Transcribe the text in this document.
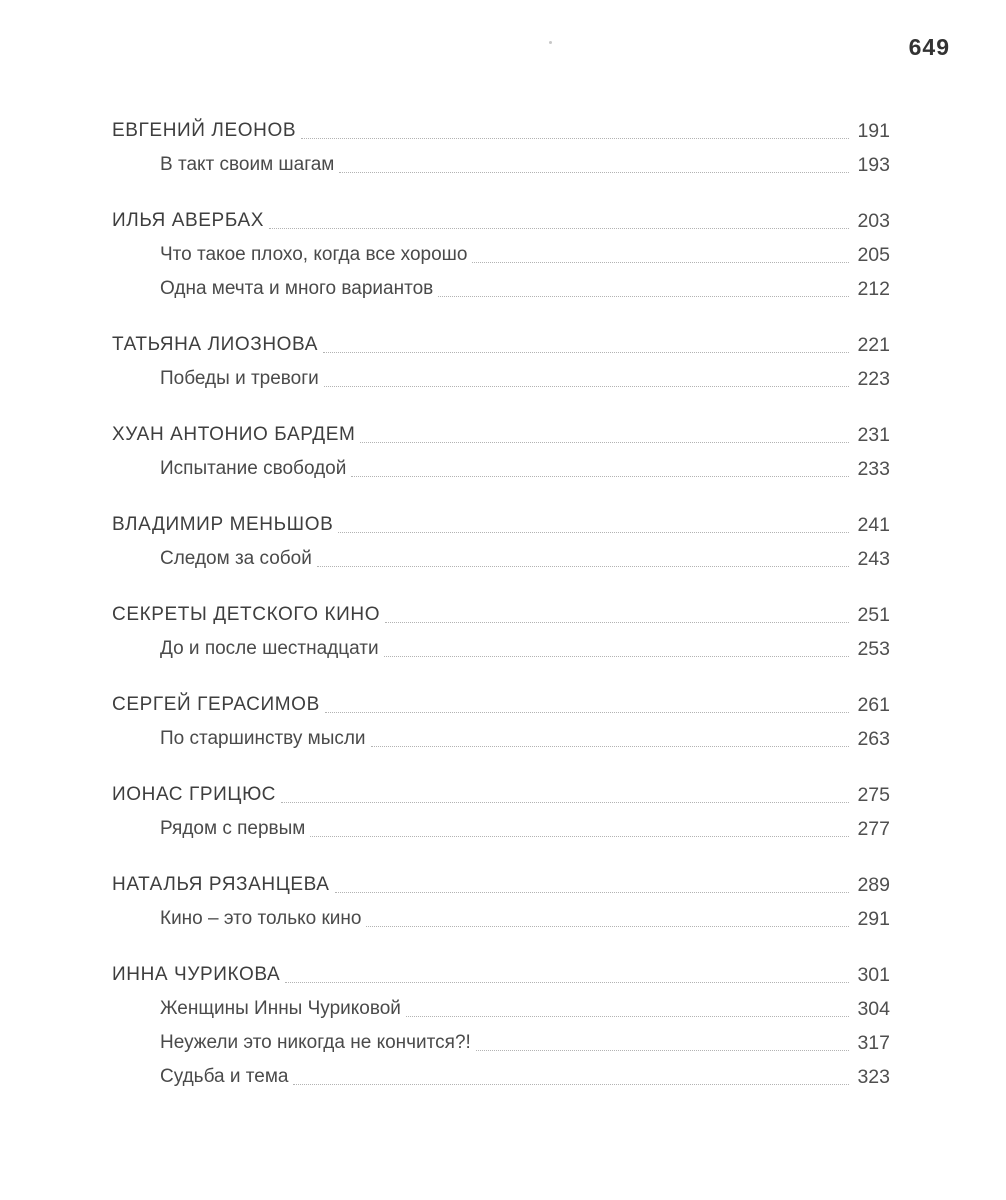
649
ЕВГЕНИЙ ЛЕОНОВ	191
В такт своим шагам	193
ИЛЬЯ АВЕРБАХ	203
Что такое плохо, когда все хорошо	205
Одна мечта и много вариантов	212
ТАТЬЯНА ЛИОЗНОВА	221
Победы и тревоги	223
ХУАН АНТОНИО БАРДЕМ	231
Испытание свободой	233
ВЛАДИМИР МЕНЬШОВ	241
Следом за собой	243
СЕКРЕТЫ ДЕТСКОГО КИНО	251
До и после шестнадцати	253
СЕРГЕЙ ГЕРАСИМОВ	261
По старшинству мысли	263
ИОНАС ГРИЦЮС	275
Рядом с первым	277
НАТАЛЬЯ РЯЗАНЦЕВА	289
Кино – это только кино	291
ИННА ЧУРИКОВА	301
Женщины Инны Чуриковой	304
Неужели это никогда не кончится?!	317
Судьба и тема	323
